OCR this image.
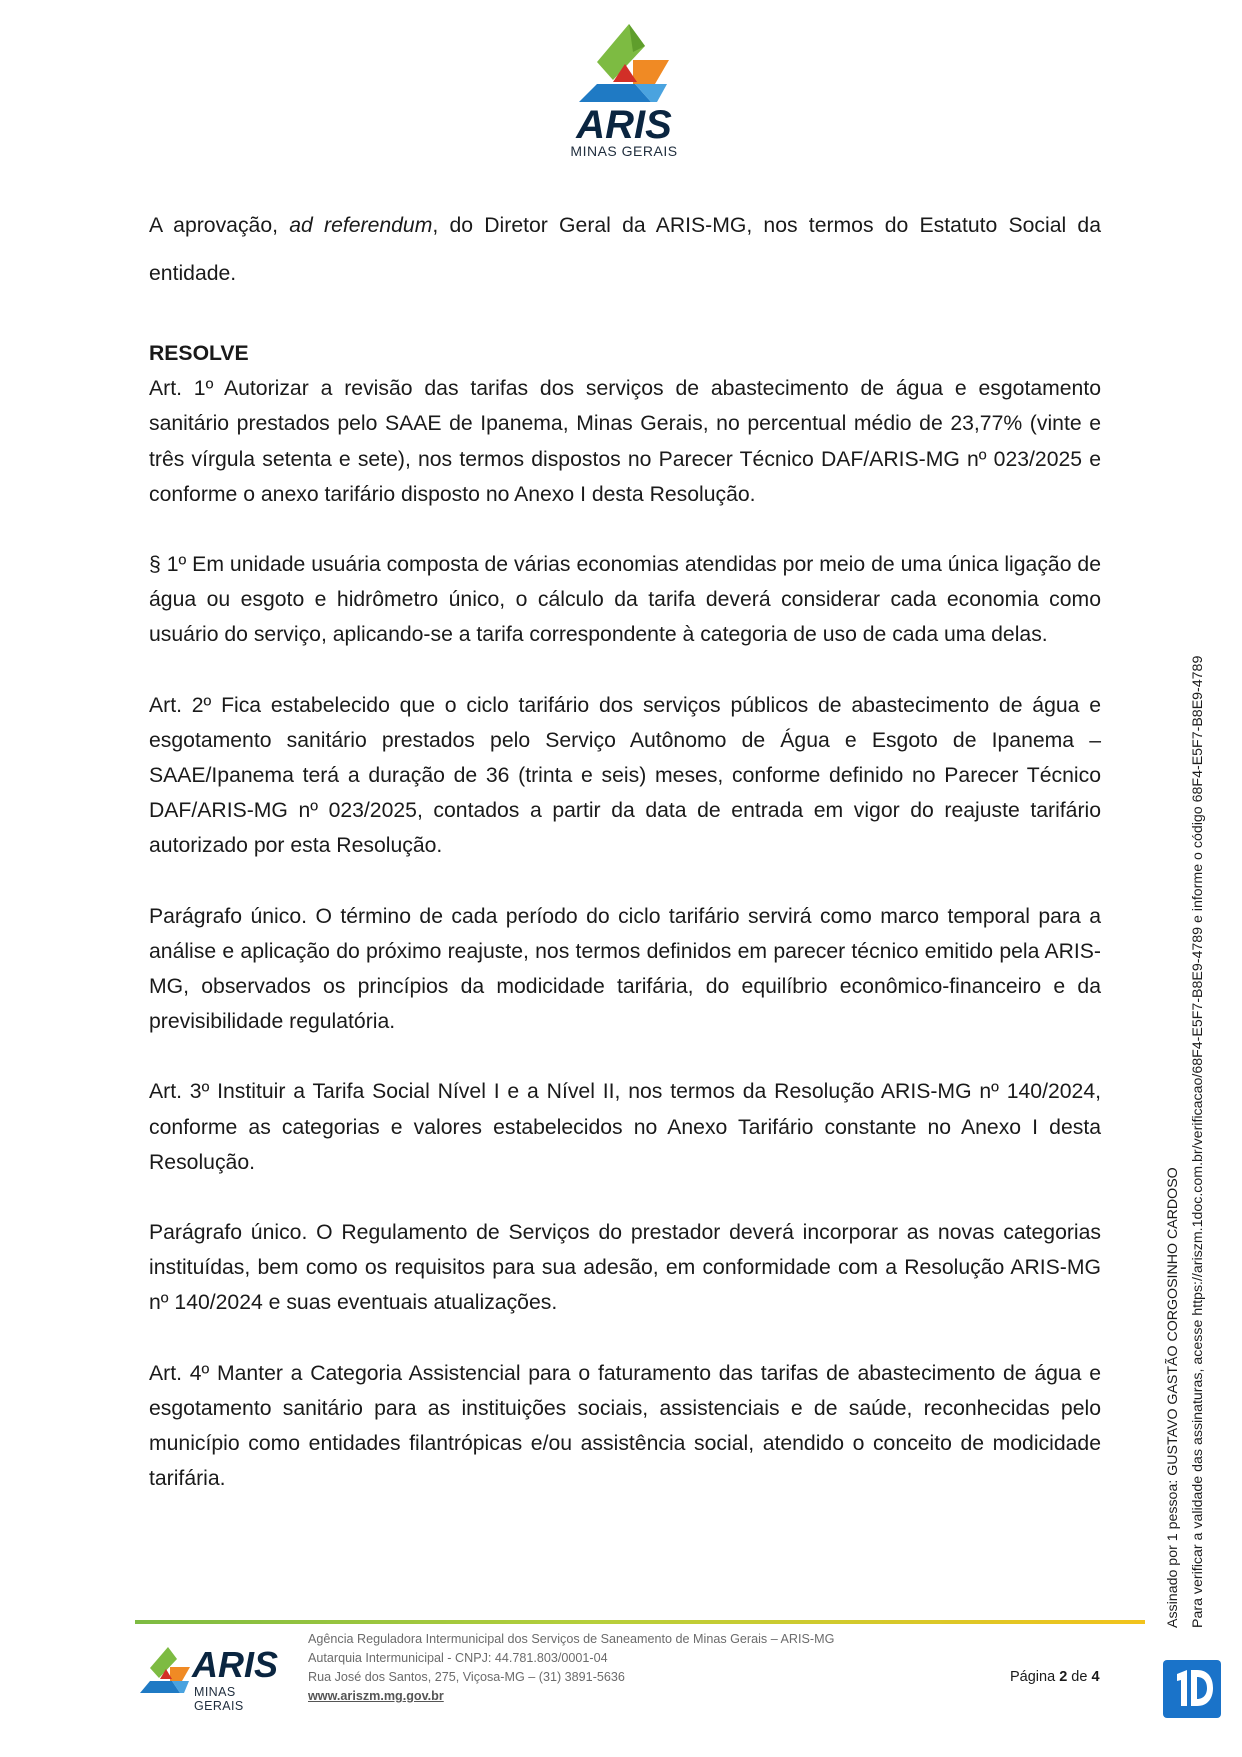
ARIS
MINAS GERAIS

A aprovação, ad referendum, do Diretor Geral da ARIS-MG, nos termos do Estatuto Social da entidade.

RESOLVE

Art. 1º Autorizar a revisão das tarifas dos serviços de abastecimento de água e esgotamento sanitário prestados pelo SAAE de Ipanema, Minas Gerais, no percentual médio de 23,77% (vinte e três vírgula setenta e sete), nos termos dispostos no Parecer Técnico DAF/ARIS-MG nº 023/2025 e conforme o anexo tarifário disposto no Anexo I desta Resolução.

§ 1º Em unidade usuária composta de várias economias atendidas por meio de uma única ligação de água ou esgoto e hidrômetro único, o cálculo da tarifa deverá considerar cada economia como usuário do serviço, aplicando-se a tarifa correspondente à categoria de uso de cada uma delas.

Art. 2º Fica estabelecido que o ciclo tarifário dos serviços públicos de abastecimento de água e esgotamento sanitário prestados pelo Serviço Autônomo de Água e Esgoto de Ipanema – SAAE/Ipanema terá a duração de 36 (trinta e seis) meses, conforme definido no Parecer Técnico DAF/ARIS-MG nº 023/2025, contados a partir da data de entrada em vigor do reajuste tarifário autorizado por esta Resolução.

Parágrafo único. O término de cada período do ciclo tarifário servirá como marco temporal para a análise e aplicação do próximo reajuste, nos termos definidos em parecer técnico emitido pela ARIS-MG, observados os princípios da modicidade tarifária, do equilíbrio econômico-financeiro e da previsibilidade regulatória.

Art. 3º Instituir a Tarifa Social Nível I e a Nível II, nos termos da Resolução ARIS-MG nº 140/2024, conforme as categorias e valores estabelecidos no Anexo Tarifário constante no Anexo I desta Resolução.

Parágrafo único. O Regulamento de Serviços do prestador deverá incorporar as novas categorias instituídas, bem como os requisitos para sua adesão, em conformidade com a Resolução ARIS-MG nº 140/2024 e suas eventuais atualizações.

Art. 4º Manter a Categoria Assistencial para o faturamento das tarifas de abastecimento de água e esgotamento sanitário para as instituições sociais, assistenciais e de saúde, reconhecidas pelo município como entidades filantrópicas e/ou assistência social, atendido o conceito de modicidade tarifária.

ARIS
MINAS GERAIS
Agência Reguladora Intermunicipal dos Serviços de Saneamento de Minas Gerais – ARIS-MG
Autarquia Intermunicipal - CNPJ: 44.781.803/0001-04
Rua José dos Santos, 275, Viçosa-MG – (31) 3891-5636
www.ariszm.mg.gov.br
Página 2 de 4
Assinado por 1 pessoa: GUSTAVO GASTÃO CORGOSINHO CARDOSO Para verificar a validade das assinaturas, acesse https://ariszm.1doc.com.br/verificacao/68F4-E5F7-B8E9-4789 e informe o código 68F4-E5F7-B8E9-4789
